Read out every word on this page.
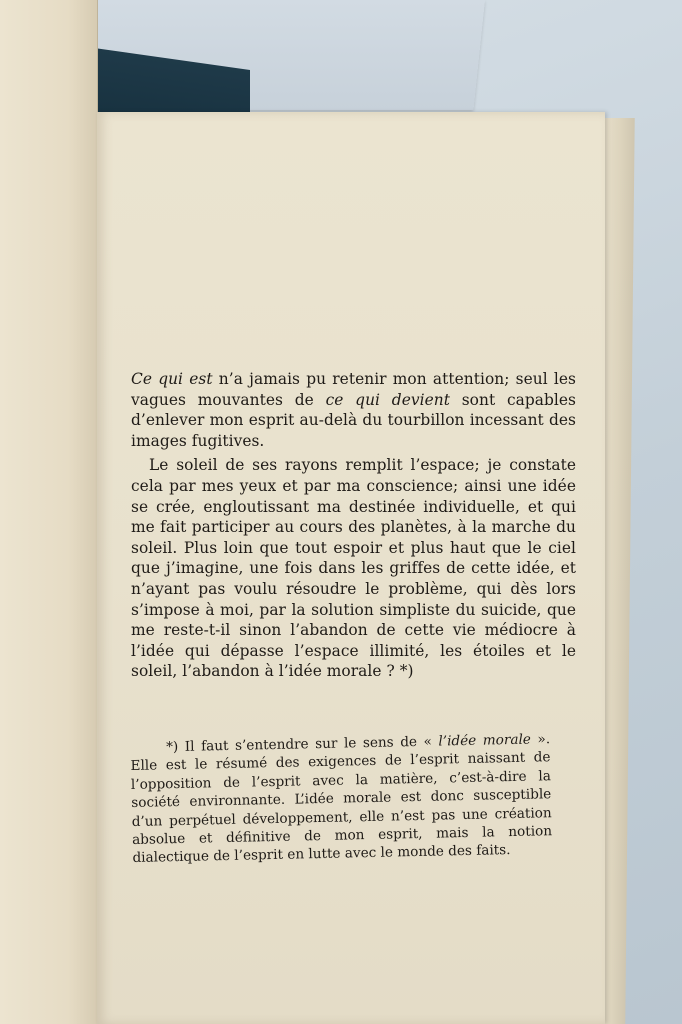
Ce qui est n’a jamais pu retenir mon attention; seul les vagues mouvantes de ce qui devient sont capables d’enlever mon esprit au-delà du tourbillon incessant des images fugitives.

Le soleil de ses rayons remplit l’espace; je constate cela par mes yeux et par ma conscience; ainsi une idée se crée, engloutissant ma destinée individuelle, et qui me fait participer au cours des planètes, à la marche du soleil. Plus loin que tout espoir et plus haut que le ciel que j’imagine, une fois dans les griffes de cette idée, et n’ayant pas voulu résoudre le problème, qui dès lors s’impose à moi, par la solution simpliste du suicide, que me reste-t-il sinon l’abandon de cette vie médiocre à l’idée qui dépasse l’espace illimité, les étoiles et le soleil, l’abandon à l’idée morale ? *)

*) Il faut s’entendre sur le sens de « l’idée morale ». Elle est le résumé des exigences de l’esprit naissant de l’opposition de l’esprit avec la matière, c’est-à-dire la société environnante. L’idée morale est donc susceptible d’un perpétuel développement, elle n’est pas une création absolue et définitive de mon esprit, mais la notion dialectique de l’esprit en lutte avec le monde des faits.
